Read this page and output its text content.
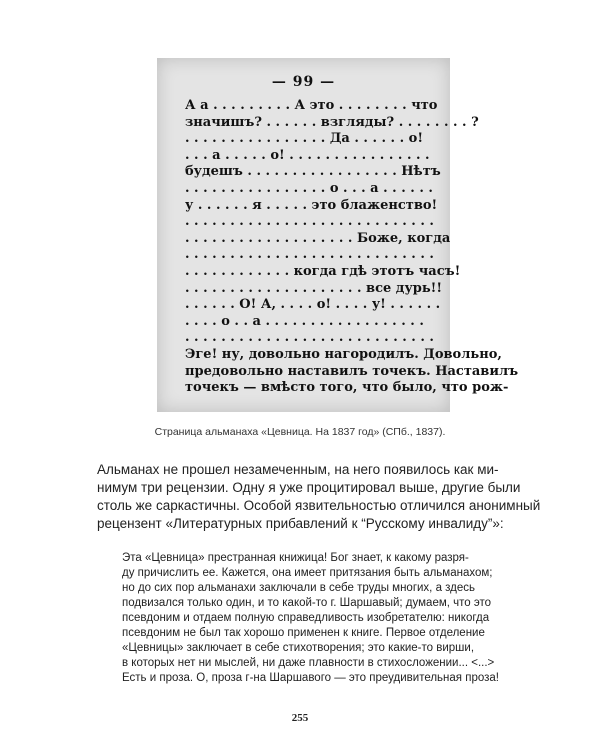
— 99 —
А а . . . . . . . . . А это . . . . . . . . что
значишъ? . . . . . . взгляды? . . . . . . . . ?
. . . . . . . . . . . . . . . . Да . . . . . . о!
. . . а . . . . . о! . . . . . . . . . . . . . . . .
будешъ . . . . . . . . . . . . . . . . . Нѣтъ
. . . . . . . . . . . . . . . . о . . . а . . . . . .
у . . . . . . я . . . . . это блаженство!
. . . . . . . . . . . . . . . . . . . . . . . . . . . .
. . . . . . . . . . . . . . . . . . . Боже, когда
. . . . . . . . . . . . . . . . . . . . . . . . . . . .
. . . . . . . . . . . . когда гдѣ этотъ часъ!
. . . . . . . . . . . . . . . . . . . . все дурь!!
. . . . . . О! А, . . . . о! . . . . у! . . . . . .
. . . . о . . а . . . . . . . . . . . . . . . . . .
. . . . . . . . . . . . . . . . . . . . . . . . . . . .
Эге! ну, довольно нагородилъ. Довольно,
предовольно наставилъ точекъ. Наставилъ
точекъ — вмѣсто того, что было, что рож-
Страница альманаха «Цевница. На 1837 год» (СПб., 1837).
Альманах не прошел незамеченным, на него появилось как ми-
нимум три рецензии. Одну я уже процитировал выше, другие были
столь же саркастичны. Особой язвительностью отличился анонимный
рецензент «Литературных прибавлений к “Русскому инвалиду”»:
Эта «Цевница» престранная книжица! Бог знает, к какому разря-
ду причислить ее. Кажется, она имеет притязания быть альманахом;
но до сих пор альманахи заключали в себе труды многих, а здесь
подвизался только один, и то какой-то г. Шаршавый; думаем, что это
псевдоним и отдаем полную справедливость изобретателю: никогда
псевдоним не был так хорошо применен к книге. Первое отделение
«Цевницы» заключает в себе стихотворения; это какие-то вирши,
в которых нет ни мыслей, ни даже плавности в стихосложении... <...>
Есть и проза. О, проза г-на Шаршавого — это преудивительная проза!
255
